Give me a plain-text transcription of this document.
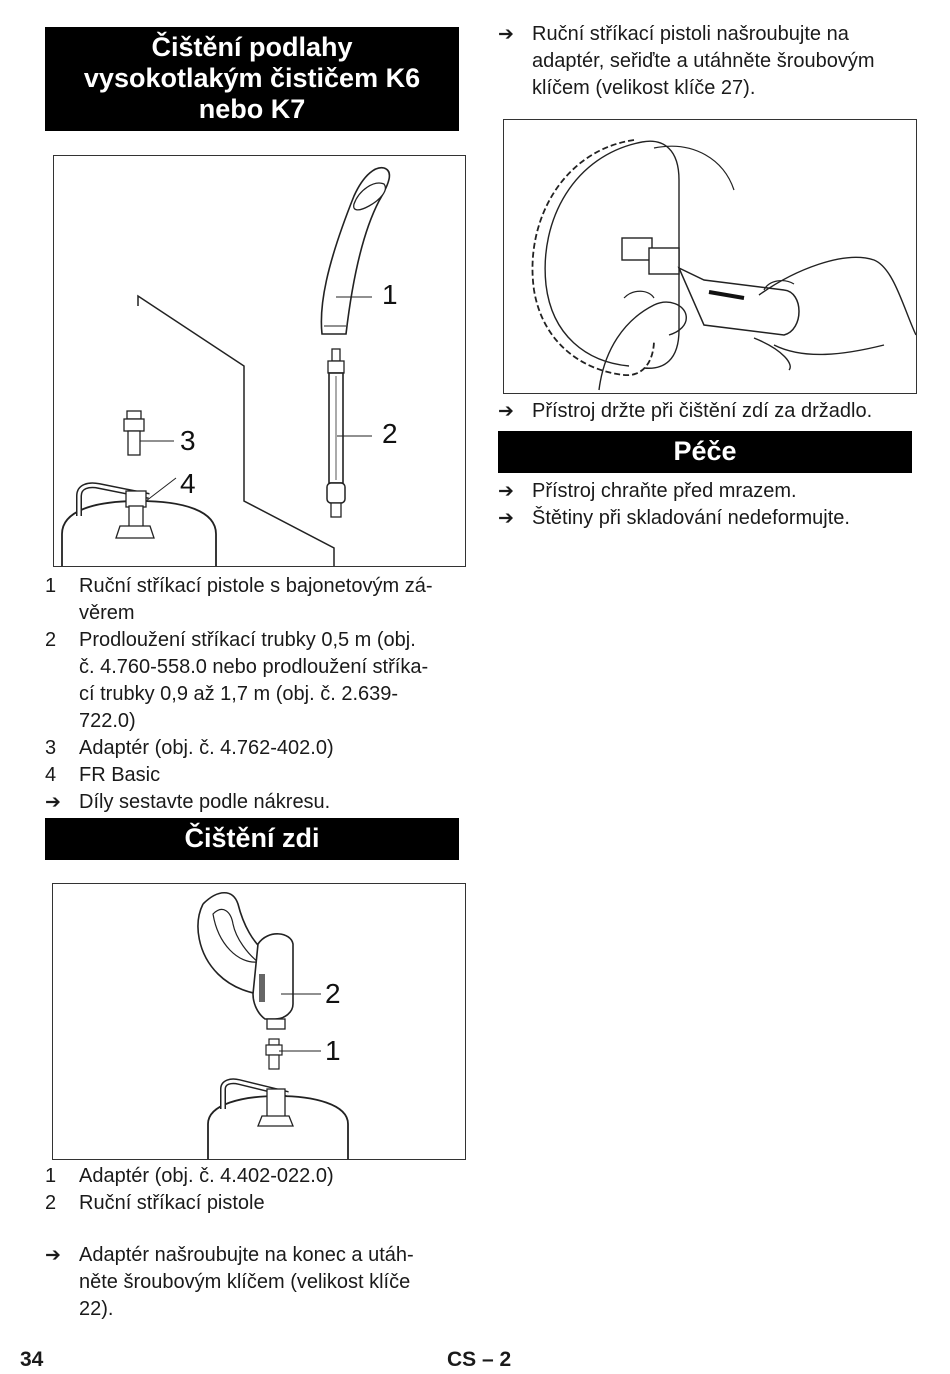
Čištění podlahy
vysokotlakým čističem K6
nebo K7
1
2
3
4
1	Ruční stříkací pistole s bajonetovým zá-
věrem
2	Prodloužení stříkací trubky 0,5 m (obj.
č. 4.760-558.0 nebo prodloužení stříka-
cí trubky 0,9 až 1,7 m (obj. č. 2.639-
722.0)
3	Adaptér (obj. č. 4.762-402.0)
4	FR Basic
➔ Díly sestavte podle nákresu.
Čištění zdi
2
1
1	Adaptér (obj. č. 4.402-022.0)
2	Ruční stříkací pistole
➔ Adaptér našroubujte na konec a utáh-
něte šroubovým klíčem (velikost klíče
22).
➔ Ruční stříkací pistoli našroubujte na
adaptér, seřiďte a utáhněte šroubovým
klíčem (velikost klíče 27).
➔ Přístroj držte při čištění zdí za držadlo.
Péče
➔ Přístroj chraňte před mrazem.
➔ Štětiny při skladování nedeformujte.
34	CS – 2
